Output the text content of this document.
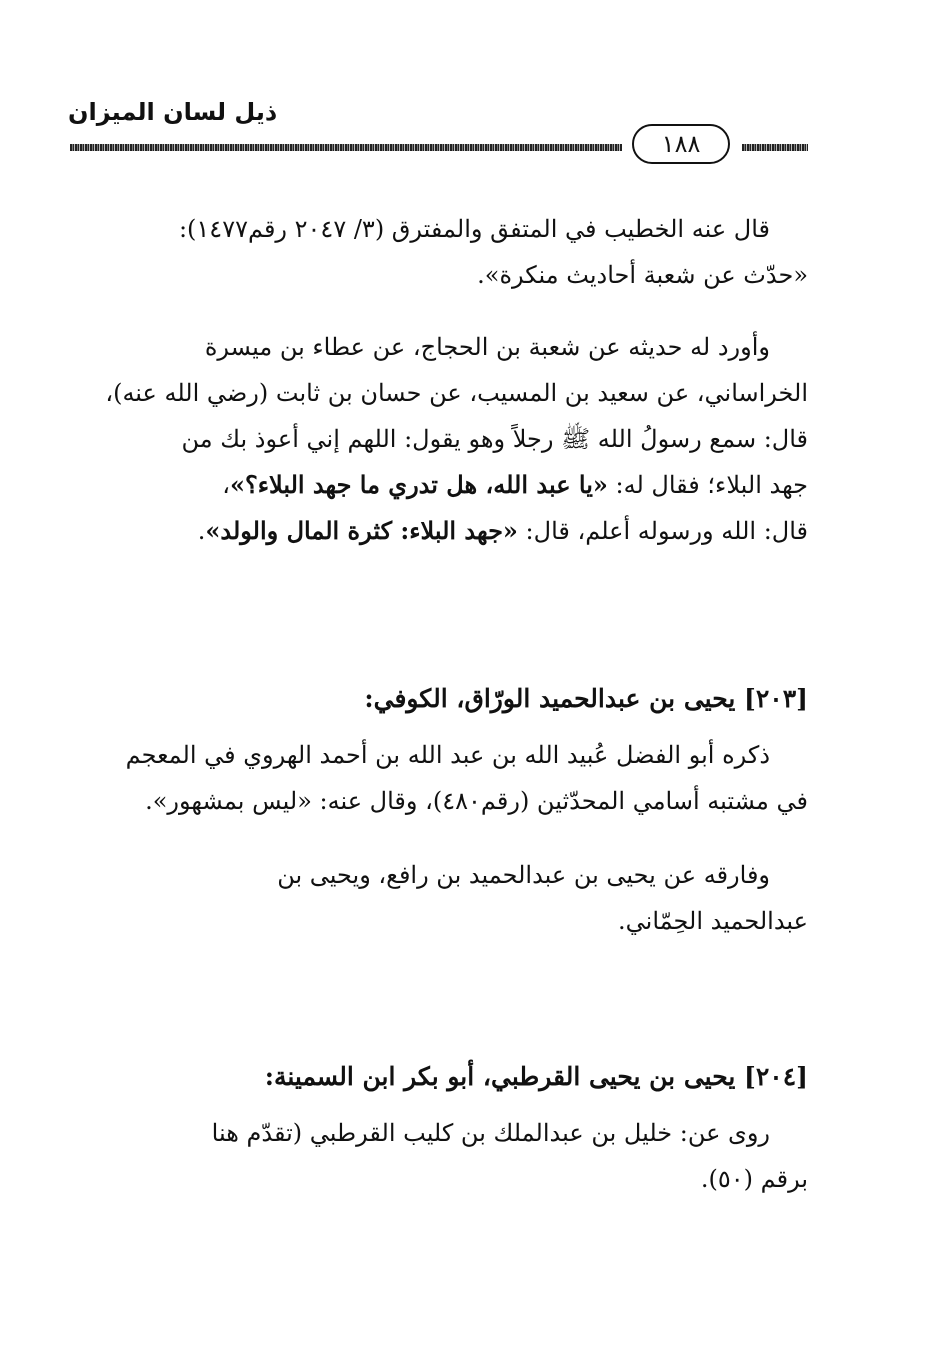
ذيل لسان الميزان
١٨٨

قال عنه الخطيب في المتفق والمفترق (٣/ ٢٠٤٧ رقم١٤٧٧):

«حدّث عن شعبة أحاديث منكرة».

وأورد له حديثه عن شعبة بن الحجاج، عن عطاء بن ميسرة

الخراساني، عن سعيد بن المسيب، عن حسان بن ثابت (رضي الله عنه)،

قال: سمع رسولُ الله ﷺ رجلاً وهو يقول: اللهم إني أعوذ بك من

جهد البلاء؛ فقال له: «يا عبد الله، هل تدري ما جهد البلاء؟»،

قال: الله ورسوله أعلم، قال: «جهد البلاء: كثرة المال والولد».

[٢٠٣] يحيى بن عبدالحميد الورّاق، الكوفي:

ذكره أبو الفضل عُبيد الله بن عبد الله بن أحمد الهروي في المعجم

في مشتبه أسامي المحدّثين (رقم٤٨٠)، وقال عنه: «ليس بمشهور».

وفارقه عن يحيى بن عبدالحميد بن رافع، ويحيى بن

عبدالحميد الحِمّاني.

[٢٠٤] يحيى بن يحيى القرطبي، أبو بكر ابن السمينة:

روى عن: خليل بن عبدالملك بن كليب القرطبي (تقدّم هنا

برقم (٥٠).
